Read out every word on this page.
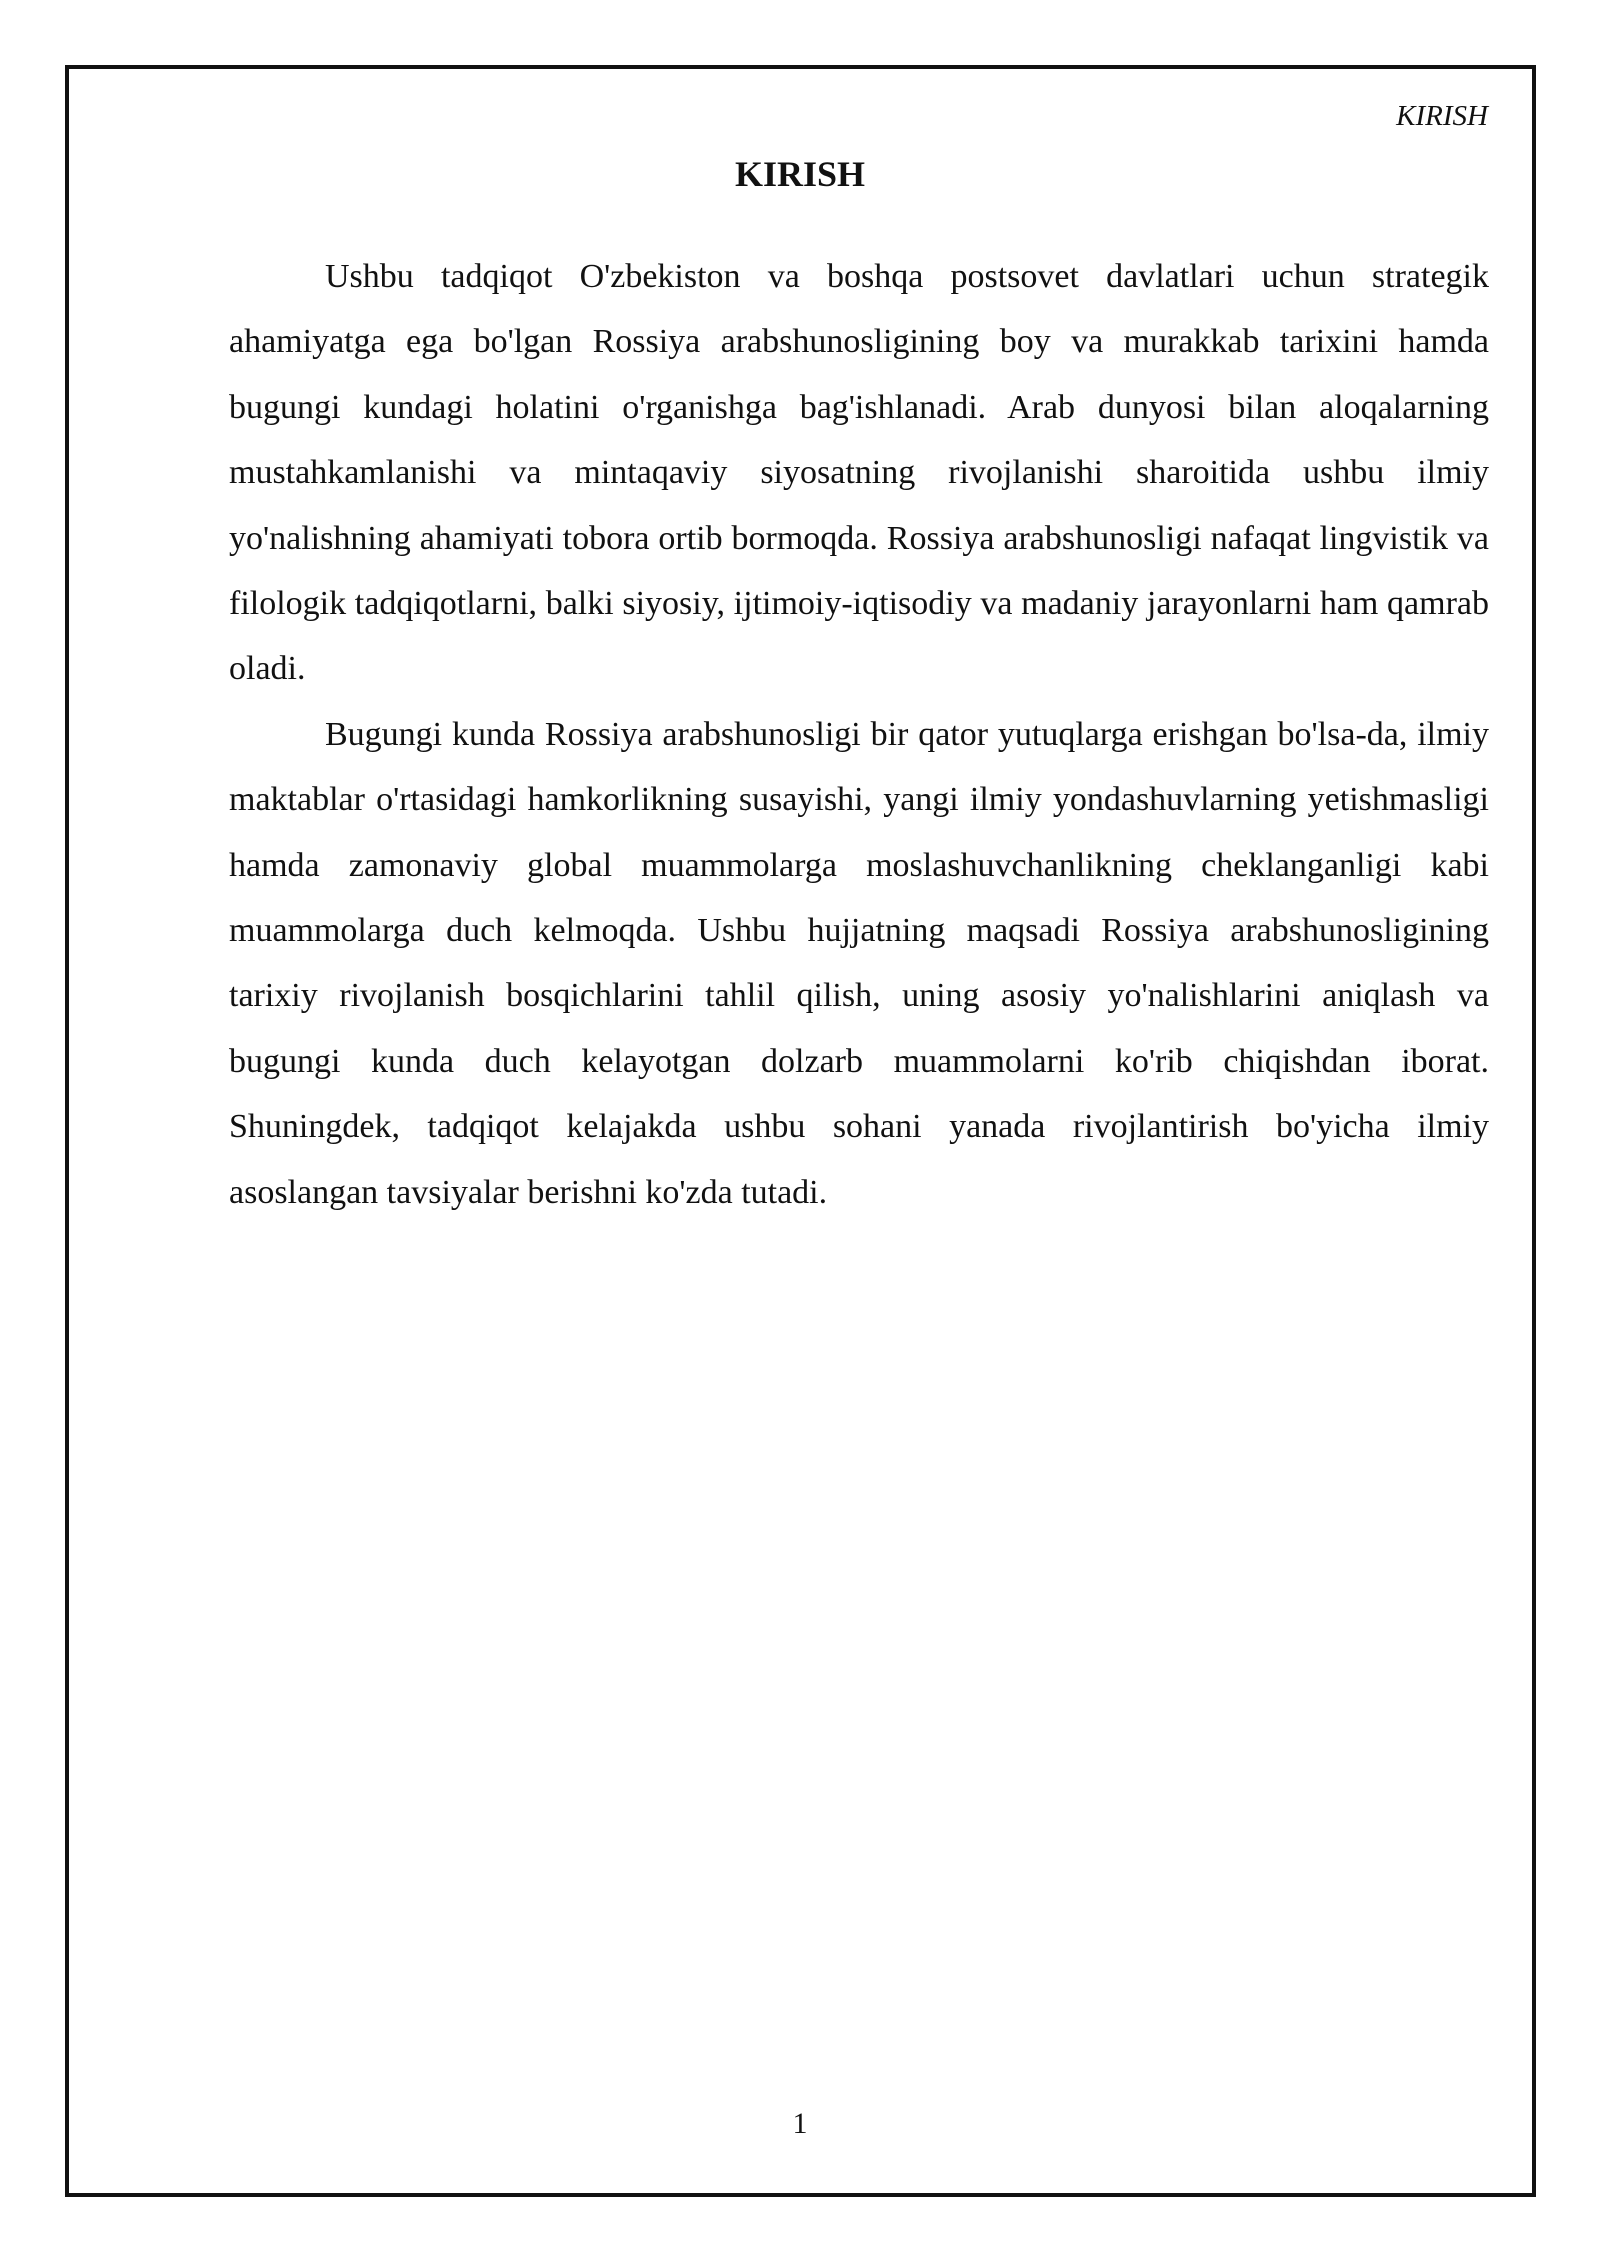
KIRISH
KIRISH

Ushbu tadqiqot O'zbekiston va boshqa postsovet davlatlari uchun strategik ahamiyatga ega bo'lgan Rossiya arabshunosligining boy va murakkab tarixini hamda bugungi kundagi holatini o'rganishga bag'ishlanadi. Arab dunyosi bilan aloqalarning mustahkamlanishi va mintaqaviy siyosatning rivojlanishi sharoitida ushbu ilmiy yo'nalishning ahamiyati tobora ortib bormoqda. Rossiya arabshunosligi nafaqat lingvistik va filologik tadqiqotlarni, balki siyosiy, ijtimoiy-iqtisodiy va madaniy jarayonlarni ham qamrab oladi.

Bugungi kunda Rossiya arabshunosligi bir qator yutuqlarga erishgan bo'lsa-da, ilmiy maktablar o'rtasidagi hamkorlikning susayishi, yangi ilmiy yondashuvlarning yetishmasligi hamda zamonaviy global muammolarga moslashuvchanlikning cheklanganligi kabi muammolarga duch kelmoqda. Ushbu hujjatning maqsadi Rossiya arabshunosligining tarixiy rivojlanish bosqichlarini tahlil qilish, uning asosiy yo'nalishlarini aniqlash va bugungi kunda duch kelayotgan dolzarb muammolarni ko'rib chiqishdan iborat. Shuningdek, tadqiqot kelajakda ushbu sohani yanada rivojlantirish bo'yicha ilmiy asoslangan tavsiyalar berishni ko'zda tutadi.

1
